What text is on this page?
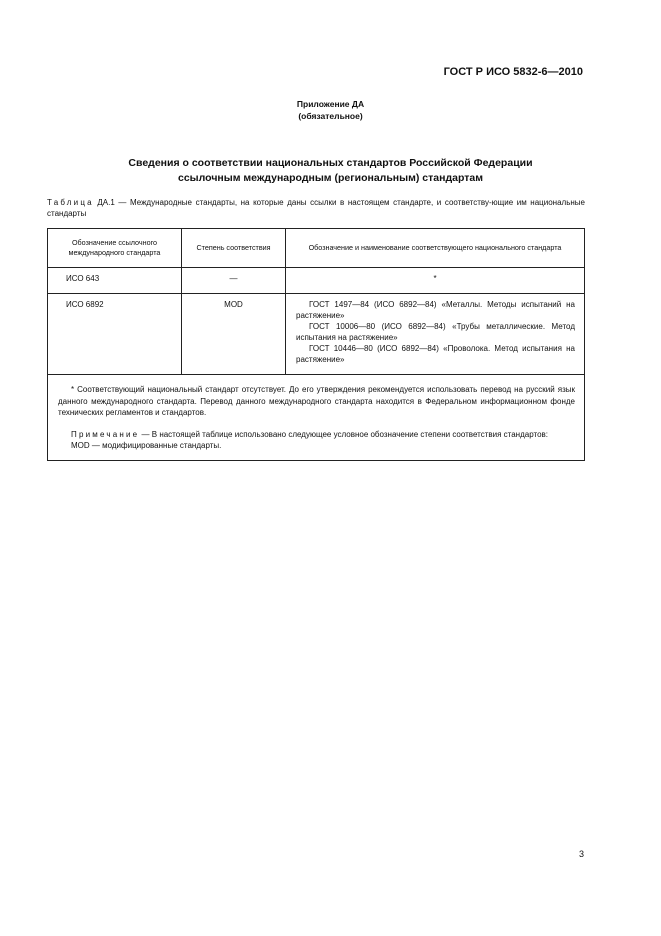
ГОСТ Р ИСО 5832-6—2010
Приложение ДА
(обязательное)
Сведения о соответствии национальных стандартов Российской Федерации
ссылочным международным (региональным) стандартам
Таблица ДА.1 — Международные стандарты, на которые даны ссылки в настоящем стандарте, и соответству-ющие им национальные стандарты
Обозначение ссылочного международного стандарта	Степень соответствия	Обозначение и наименование соответствующего национального стандарта
ИСО 643	—	*
ИСО 6892	MOD	ГОСТ 1497—84 (ИСО 6892—84) «Металлы. Методы испытаний на растяжение»
ГОСТ 10006—80 (ИСО 6892—84) «Трубы металлические. Метод испытания на растяжение»
ГОСТ 10446—80 (ИСО 6892—84) «Проволока. Метод испытания на растяжение»

* Соответствующий национальный стандарт отсутствует. До его утверждения рекомендуется использовать перевод на русский язык данного международного стандарта. Перевод данного международного стандарта находится в Федеральном информационном фонде технических регламентов и стандартов.

Примечание — В настоящей таблице использовано следующее условное обозначение степени соответствия стандартов:

MOD — модифицированные стандарты.		

3
